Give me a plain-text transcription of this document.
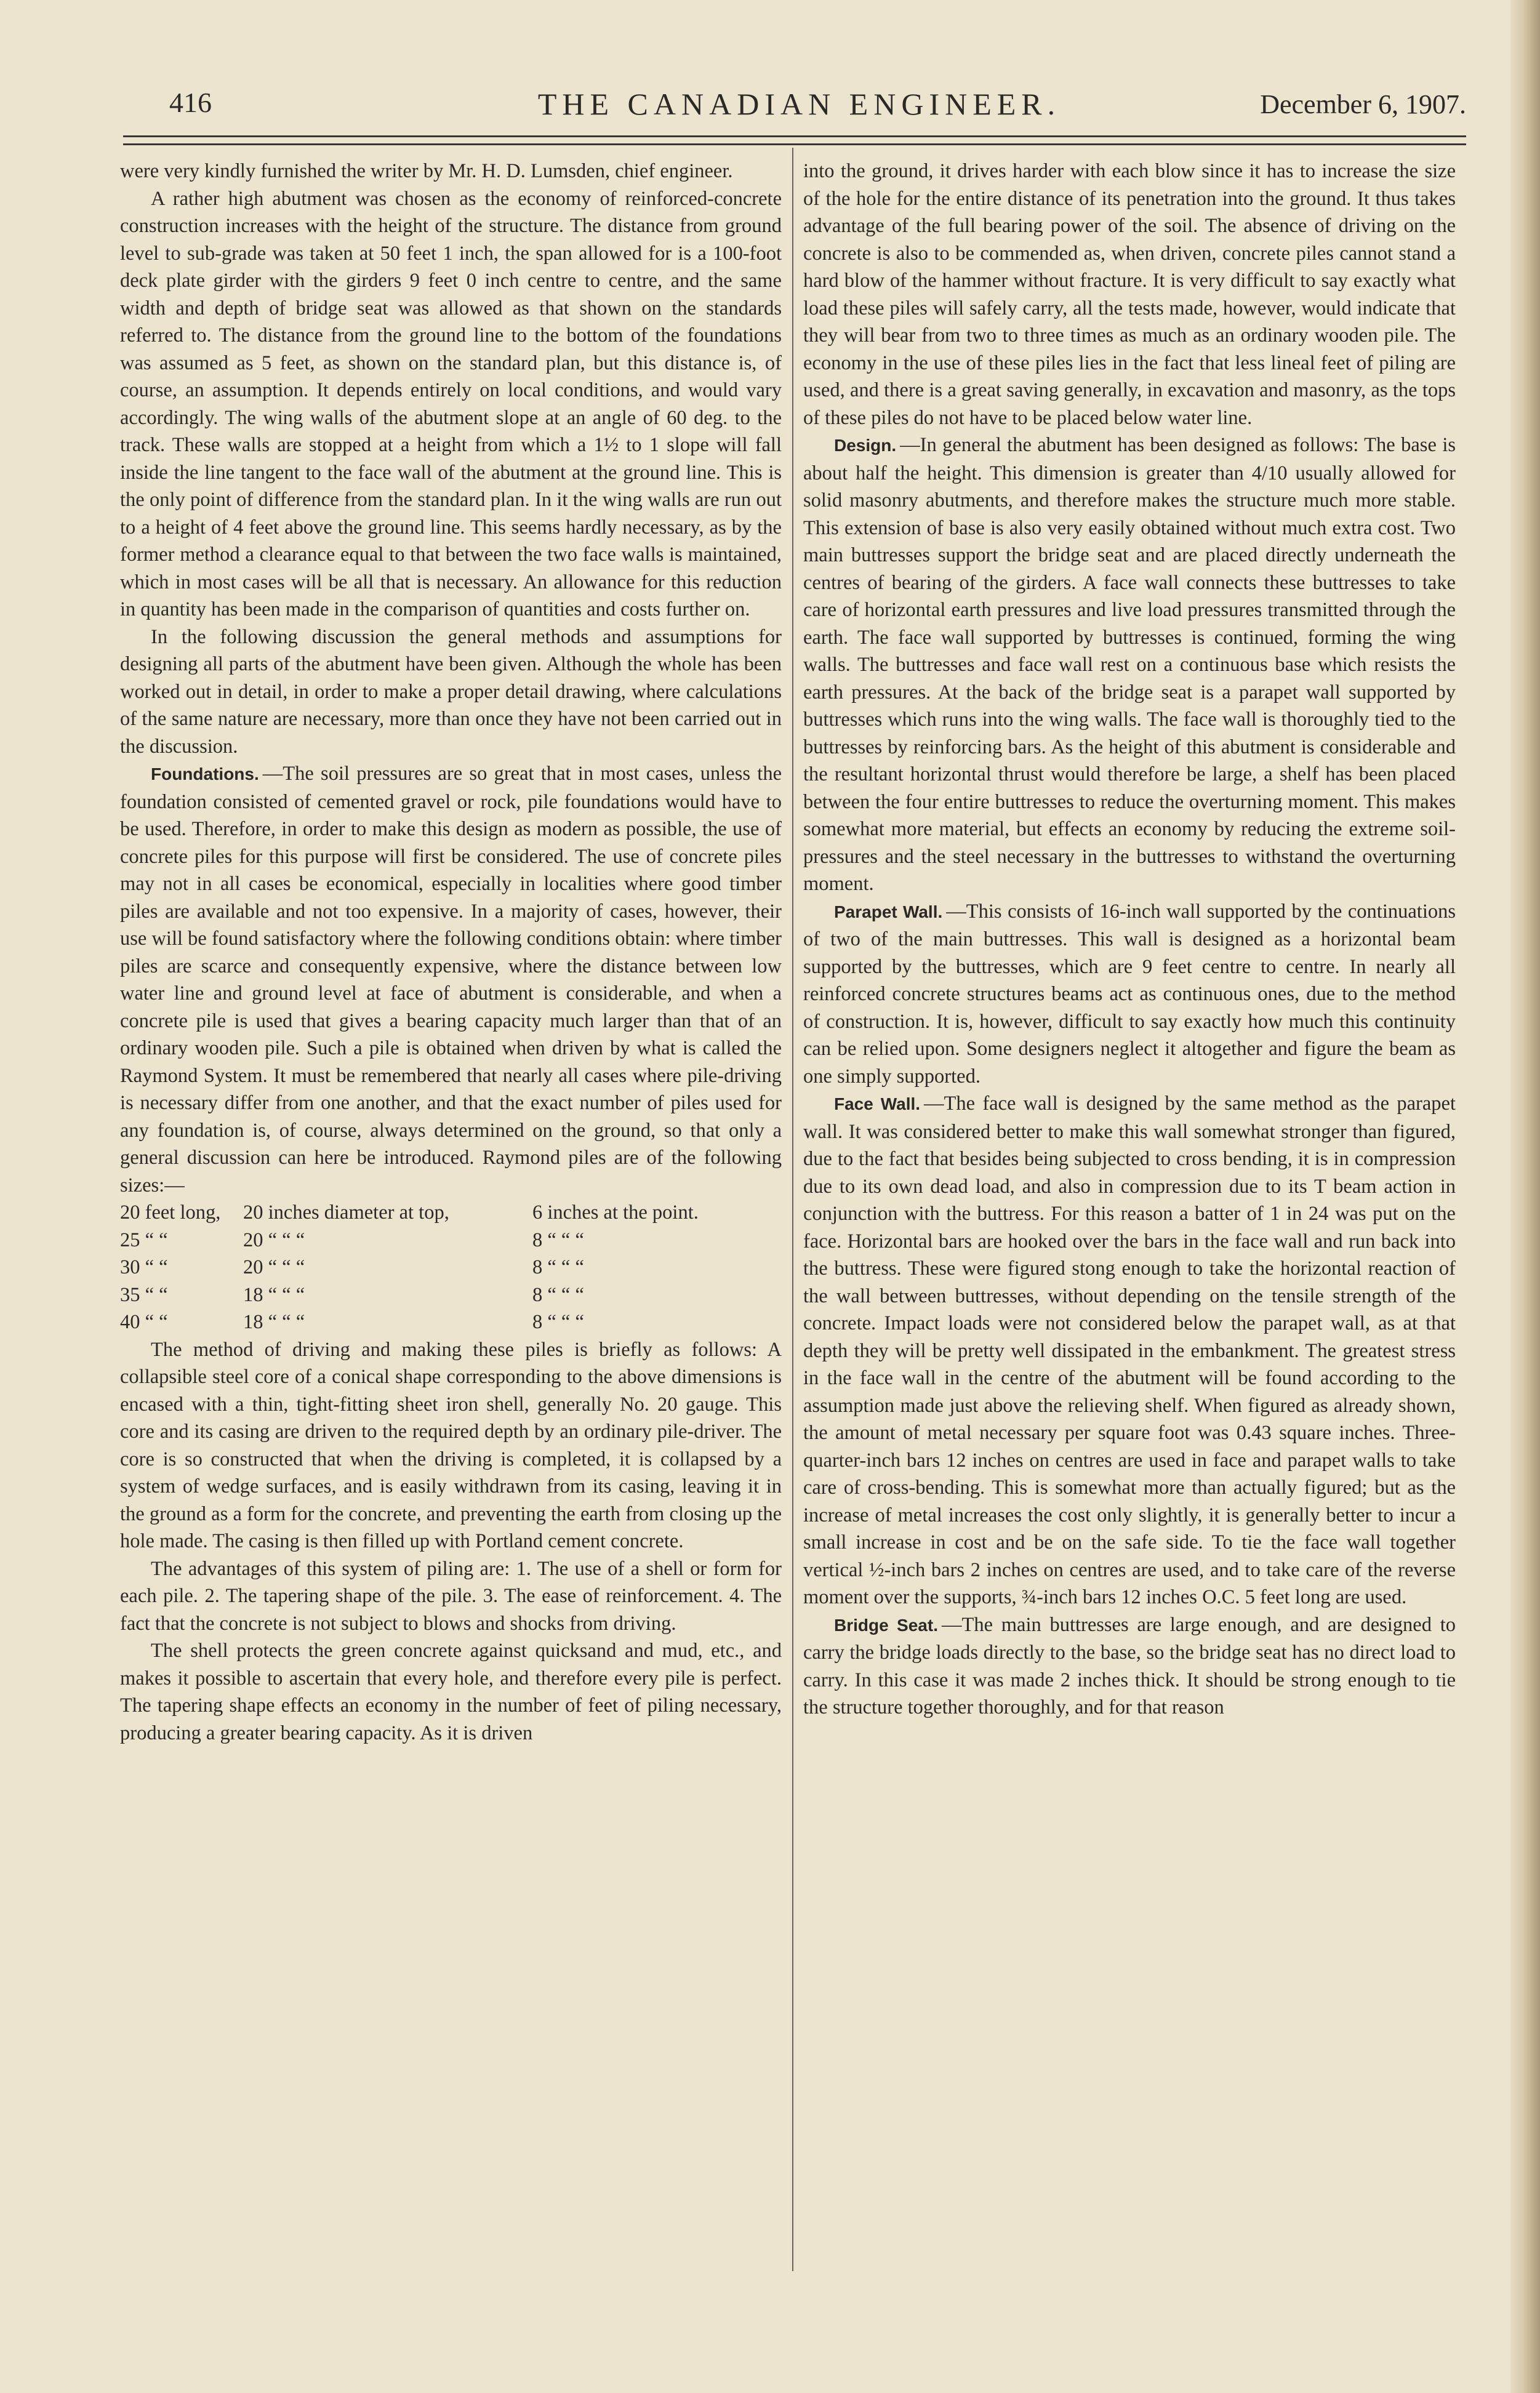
416	THE CANADIAN ENGINEER.	December 6, 1907.

were very kindly furnished the writer by Mr. H. D. Lumsden, chief engineer.

A rather high abutment was chosen as the economy of reinforced-concrete construction increases with the height of the structure. The distance from ground level to sub-grade was taken at 50 feet 1 inch, the span allowed for is a 100-foot deck plate girder with the girders 9 feet 0 inch centre to centre, and the same width and depth of bridge seat was allowed as that shown on the standards referred to. The distance from the ground line to the bottom of the foundations was assumed as 5 feet, as shown on the standard plan, but this distance is, of course, an assumption. It depends entirely on local conditions, and would vary accordingly. The wing walls of the abutment slope at an angle of 60 deg. to the track. These walls are stopped at a height from which a 1½ to 1 slope will fall inside the line tangent to the face wall of the abutment at the ground line. This is the only point of difference from the standard plan. In it the wing walls are run out to a height of 4 feet above the ground line. This seems hardly necessary, as by the former method a clearance equal to that between the two face walls is maintained, which in most cases will be all that is necessary. An allowance for this reduction in quantity has been made in the comparison of quantities and costs further on.

In the following discussion the general methods and assumptions for designing all parts of the abutment have been given. Although the whole has been worked out in detail, in order to make a proper detail drawing, where calculations of the same nature are necessary, more than once they have not been carried out in the discussion.

Foundations. —The soil pressures are so great that in most cases, unless the foundation consisted of cemented gravel or rock, pile foundations would have to be used. Therefore, in order to make this design as modern as possible, the use of concrete piles for this purpose will first be considered. The use of concrete piles may not in all cases be economical, especially in localities where good timber piles are available and not too expensive. In a majority of cases, however, their use will be found satisfactory where the following conditions obtain: where timber piles are scarce and consequently expensive, where the distance between low water line and ground level at face of abutment is considerable, and when a concrete pile is used that gives a bearing capacity much larger than that of an ordinary wooden pile. Such a pile is obtained when driven by what is called the Raymond System. It must be remembered that nearly all cases where pile-driving is necessary differ from one another, and that the exact number of piles used for any foundation is, of course, always determined on the ground, so that only a general discussion can here be introduced. Raymond piles are of the following sizes:—

20 feet long,	20 inches diameter at top,	6 inches at the point.
25 “ “	20 “ “ “	8 “ “ “
30 “ “	20 “ “ “	8 “ “ “
35 “ “	18 “ “ “	8 “ “ “
40 “ “	18 “ “ “	8 “ “ “

The method of driving and making these piles is briefly as follows: A collapsible steel core of a conical shape corresponding to the above dimensions is encased with a thin, tight-fitting sheet iron shell, generally No. 20 gauge. This core and its casing are driven to the required depth by an ordinary pile-driver. The core is so constructed that when the driving is completed, it is collapsed by a system of wedge surfaces, and is easily withdrawn from its casing, leaving it in the ground as a form for the concrete, and preventing the earth from closing up the hole made. The casing is then filled up with Portland cement concrete.

The advantages of this system of piling are: 1. The use of a shell or form for each pile. 2. The tapering shape of the pile. 3. The ease of reinforcement. 4. The fact that the concrete is not subject to blows and shocks from driving.

The shell protects the green concrete against quicksand and mud, etc., and makes it possible to ascertain that every hole, and therefore every pile is perfect. The tapering shape effects an economy in the number of feet of piling necessary, producing a greater bearing capacity. As it is driven

into the ground, it drives harder with each blow since it has to increase the size of the hole for the entire distance of its penetration into the ground. It thus takes advantage of the full bearing power of the soil. The absence of driving on the concrete is also to be commended as, when driven, concrete piles cannot stand a hard blow of the hammer without fracture. It is very difficult to say exactly what load these piles will safely carry, all the tests made, however, would indicate that they will bear from two to three times as much as an ordinary wooden pile. The economy in the use of these piles lies in the fact that less lineal feet of piling are used, and there is a great saving generally, in excavation and masonry, as the tops of these piles do not have to be placed below water line.

Design. —In general the abutment has been designed as follows: The base is about half the height. This dimension is greater than 4/10 usually allowed for solid masonry abutments, and therefore makes the structure much more stable. This extension of base is also very easily obtained without much extra cost. Two main buttresses support the bridge seat and are placed directly underneath the centres of bearing of the girders. A face wall connects these buttresses to take care of horizontal earth pressures and live load pressures transmitted through the earth. The face wall supported by buttresses is continued, forming the wing walls. The buttresses and face wall rest on a continuous base which resists the earth pressures. At the back of the bridge seat is a parapet wall supported by buttresses which runs into the wing walls. The face wall is thoroughly tied to the buttresses by reinforcing bars. As the height of this abutment is considerable and the resultant horizontal thrust would therefore be large, a shelf has been placed between the four entire buttresses to reduce the overturning moment. This makes somewhat more material, but effects an economy by reducing the extreme soil-pressures and the steel necessary in the buttresses to withstand the overturning moment.

Parapet Wall. —This consists of 16-inch wall supported by the continuations of two of the main buttresses. This wall is designed as a horizontal beam supported by the buttresses, which are 9 feet centre to centre. In nearly all reinforced concrete structures beams act as continuous ones, due to the method of construction. It is, however, difficult to say exactly how much this continuity can be relied upon. Some designers neglect it altogether and figure the beam as one simply supported.

Face Wall. —The face wall is designed by the same method as the parapet wall. It was considered better to make this wall somewhat stronger than figured, due to the fact that besides being subjected to cross bending, it is in compression due to its own dead load, and also in compression due to its T beam action in conjunction with the buttress. For this reason a batter of 1 in 24 was put on the face. Horizontal bars are hooked over the bars in the face wall and run back into the buttress. These were figured stong enough to take the horizontal reaction of the wall between buttresses, without depending on the tensile strength of the concrete. Impact loads were not considered below the parapet wall, as at that depth they will be pretty well dissipated in the embankment. The greatest stress in the face wall in the centre of the abutment will be found according to the assumption made just above the relieving shelf. When figured as already shown, the amount of metal necessary per square foot was 0.43 square inches. Three-quarter-inch bars 12 inches on centres are used in face and parapet walls to take care of cross-bending. This is somewhat more than actually figured; but as the increase of metal increases the cost only slightly, it is generally better to incur a small increase in cost and be on the safe side. To tie the face wall together vertical ½-inch bars 2 inches on centres are used, and to take care of the reverse moment over the supports, ¾-inch bars 12 inches O.C. 5 feet long are used.

Bridge Seat. —The main buttresses are large enough, and are designed to carry the bridge loads directly to the base, so the bridge seat has no direct load to carry. In this case it was made 2 inches thick. It should be strong enough to tie the structure together thoroughly, and for that reason
